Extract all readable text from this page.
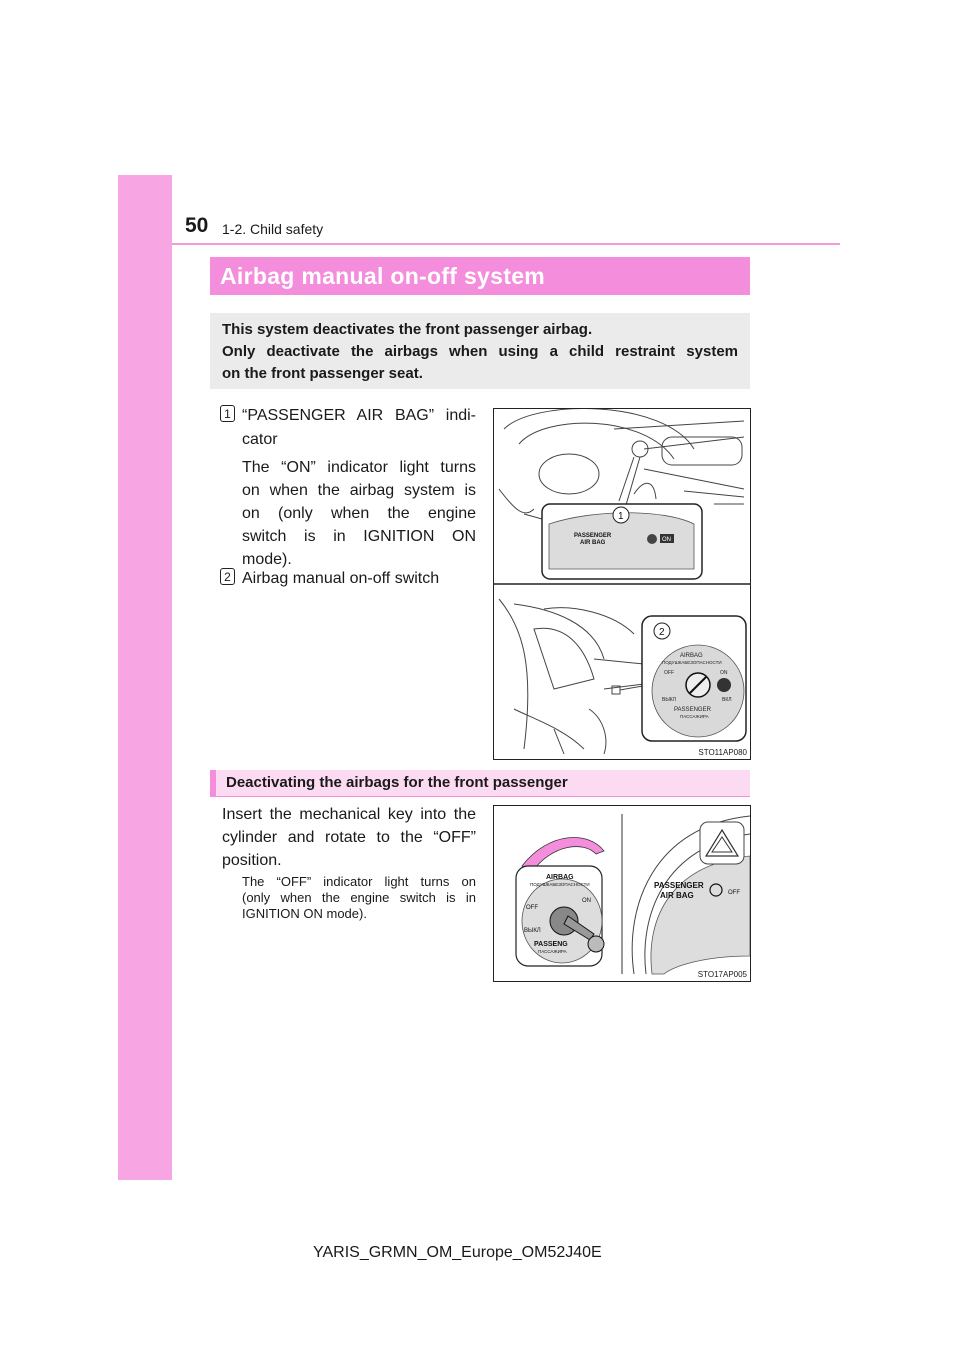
50 1-2. Child safety
Airbag manual on-off system
This system deactivates the front passenger airbag.
Only deactivate the airbags when using a child restraint system
on the front passenger seat.
1 “PASSENGER AIR BAG” indi-
cator
The “ON” indicator light turns
on when the airbag system is
on (only when the engine
switch is in IGNITION ON
mode).
2 Airbag manual on-off switch
1
PASSENGER
AIR BAG	ON
2
AIRBAG
ПОДУШКАБЕЗОПАСНОСТИ
OFF	ON
ВЫКЛ	ВКЛ
PASSENGER
ПАССАЖИРА
STO11AP080
Deactivating the airbags for the front passenger
Insert the mechanical key into the
cylinder and rotate to the “OFF”
position.
The “OFF” indicator light turns on
(only when the engine switch is in
IGNITION ON mode).
AIRBAG
ПОДУШКАБЕЗОПАСНОСТИ
OFF
ON
ВЫКЛ
PASSENG
ПАССАЖИРА
PASSENGER
AIR BAG	OFF
STO17AP005
YARIS_GRMN_OM_Europe_OM52J40E
